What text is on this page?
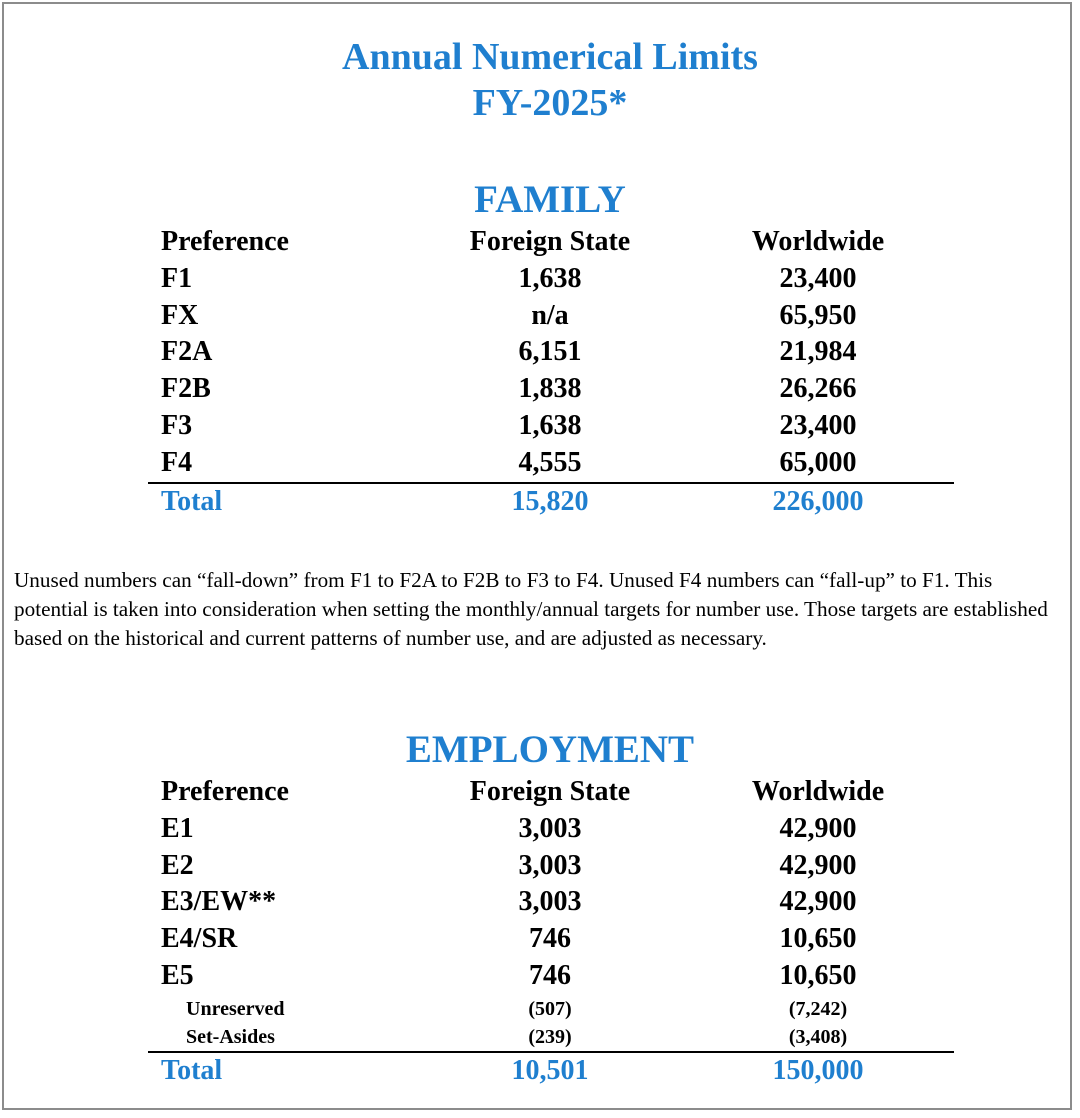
Annual Numerical Limits
FY-2025*
FAMILY
Preference	Foreign State	Worldwide
F1	1,638	23,400
FX	n/a	65,950
F2A	6,151	21,984
F2B	1,838	26,266
F3	1,638	23,400
F4	4,555	65,000
Total	15,820	226,000
Unused numbers can “fall-down” from F1 to F2A to F2B to F3 to F4. Unused F4 numbers can “fall-up” to F1. This potential is taken into consideration when setting the monthly/annual targets for number use. Those targets are established based on the historical and current patterns of number use, and are adjusted as necessary.
EMPLOYMENT
Preference	Foreign State	Worldwide
E1	3,003	42,900
E2	3,003	42,900
E3/EW**	3,003	42,900
E4/SR	746	10,650
E5	746	10,650
Unreserved	(507)	(7,242)
Set-Asides	(239)	(3,408)
Total	10,501	150,000
